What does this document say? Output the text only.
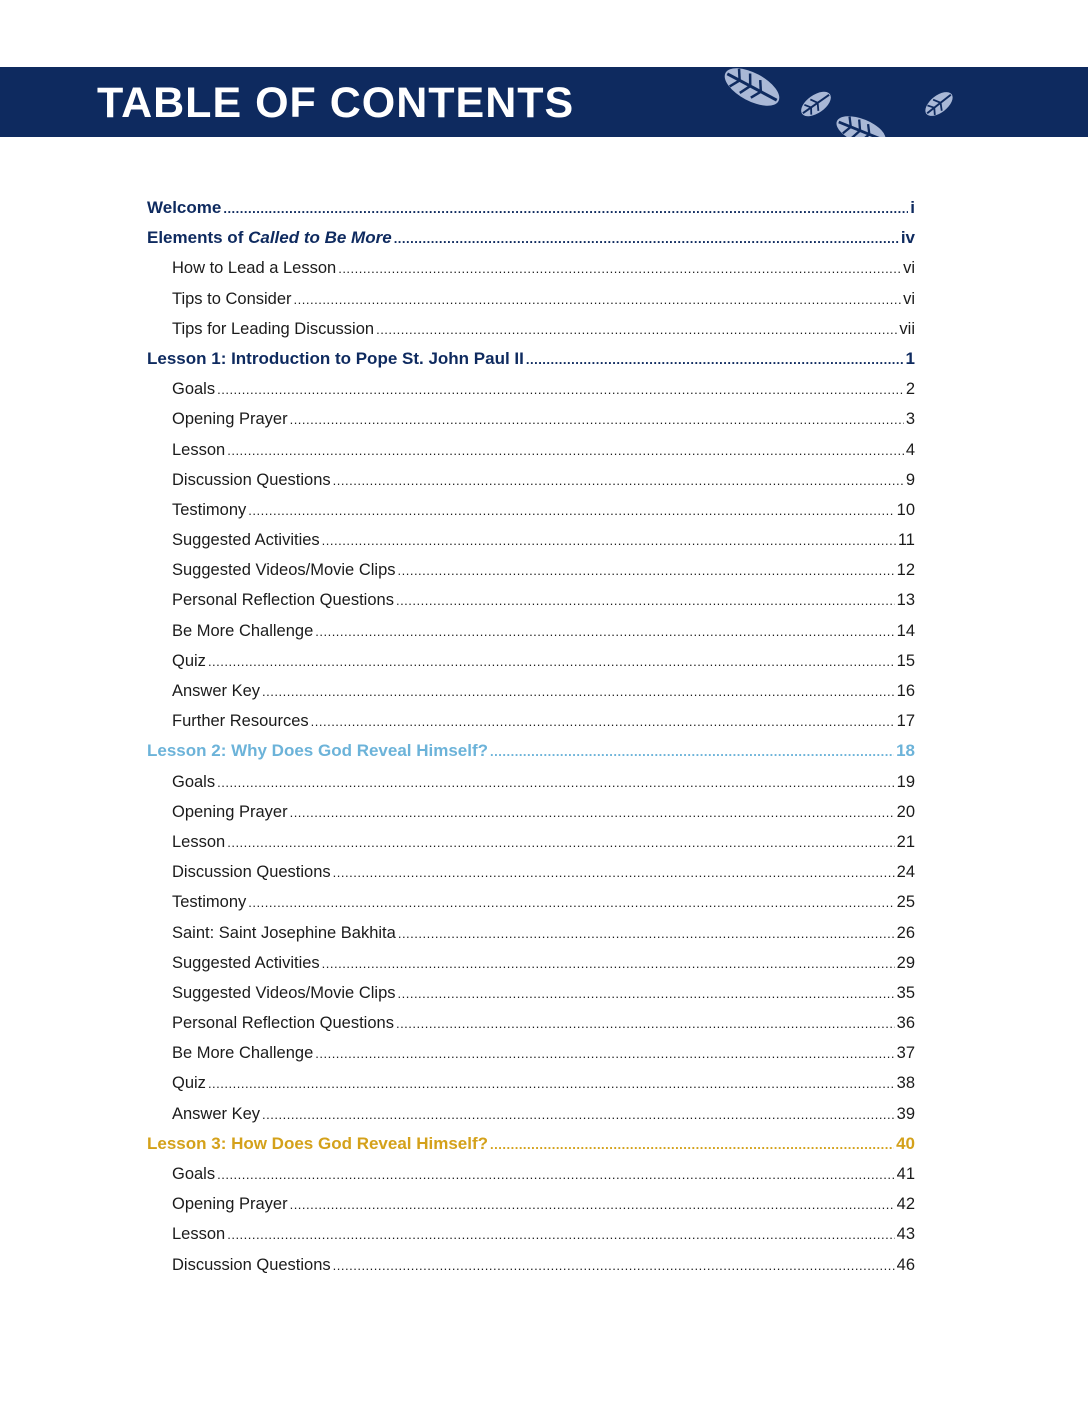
TABLE OF CONTENTS
Welcome .....	i
Elements of Called to Be More .....	iv
How to Lead a Lesson .....	vi
Tips to Consider .....	vi
Tips for Leading Discussion .....	vii
Lesson 1: Introduction to Pope St. John Paul II .....	1
Goals .....	2
Opening Prayer .....	3
Lesson .....	4
Discussion Questions .....	9
Testimony .....	10
Suggested Activities .....	11
Suggested Videos/Movie Clips .....	12
Personal Reflection Questions .....	13
Be More Challenge .....	14
Quiz .....	15
Answer Key .....	16
Further Resources .....	17
Lesson 2: Why Does God Reveal Himself? .....	18
Goals .....	19
Opening Prayer .....	20
Lesson .....	21
Discussion Questions .....	24
Testimony .....	25
Saint: Saint Josephine Bakhita .....	26
Suggested Activities .....	29
Suggested Videos/Movie Clips .....	35
Personal Reflection Questions .....	36
Be More Challenge .....	37
Quiz .....	38
Answer Key .....	39
Lesson 3: How Does God Reveal Himself? .....	40
Goals .....	41
Opening Prayer .....	42
Lesson .....	43
Discussion Questions .....	46
